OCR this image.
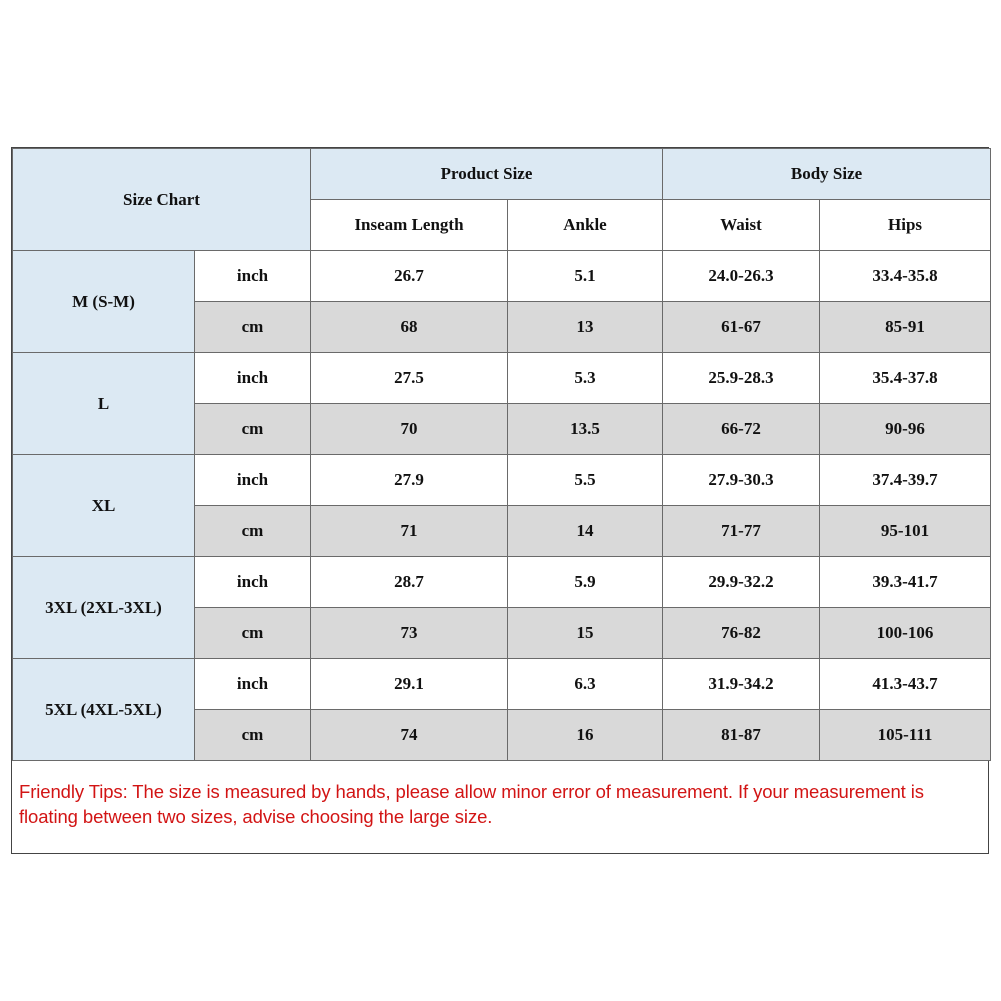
Size Chart		Product Size		Body Size	
		Inseam Length	Ankle	Waist	Hips
M (S-M)	inch	26.7	5.1	24.0-26.3	33.4-35.8
	cm	68	13	61-67	85-91
L	inch	27.5	5.3	25.9-28.3	35.4-37.8
	cm	70	13.5	66-72	90-96
XL	inch	27.9	5.5	27.9-30.3	37.4-39.7
	cm	71	14	71-77	95-101
3XL (2XL-3XL)	inch	28.7	5.9	29.9-32.2	39.3-41.7
	cm	73	15	76-82	100-106
5XL (4XL-5XL)	inch	29.1	6.3	31.9-34.2	41.3-43.7
	cm	74	16	81-87	105-111
Friendly Tips: The size is measured by hands, please allow minor error of measurement. If your measurement is floating between two sizes, advise choosing the large size.
